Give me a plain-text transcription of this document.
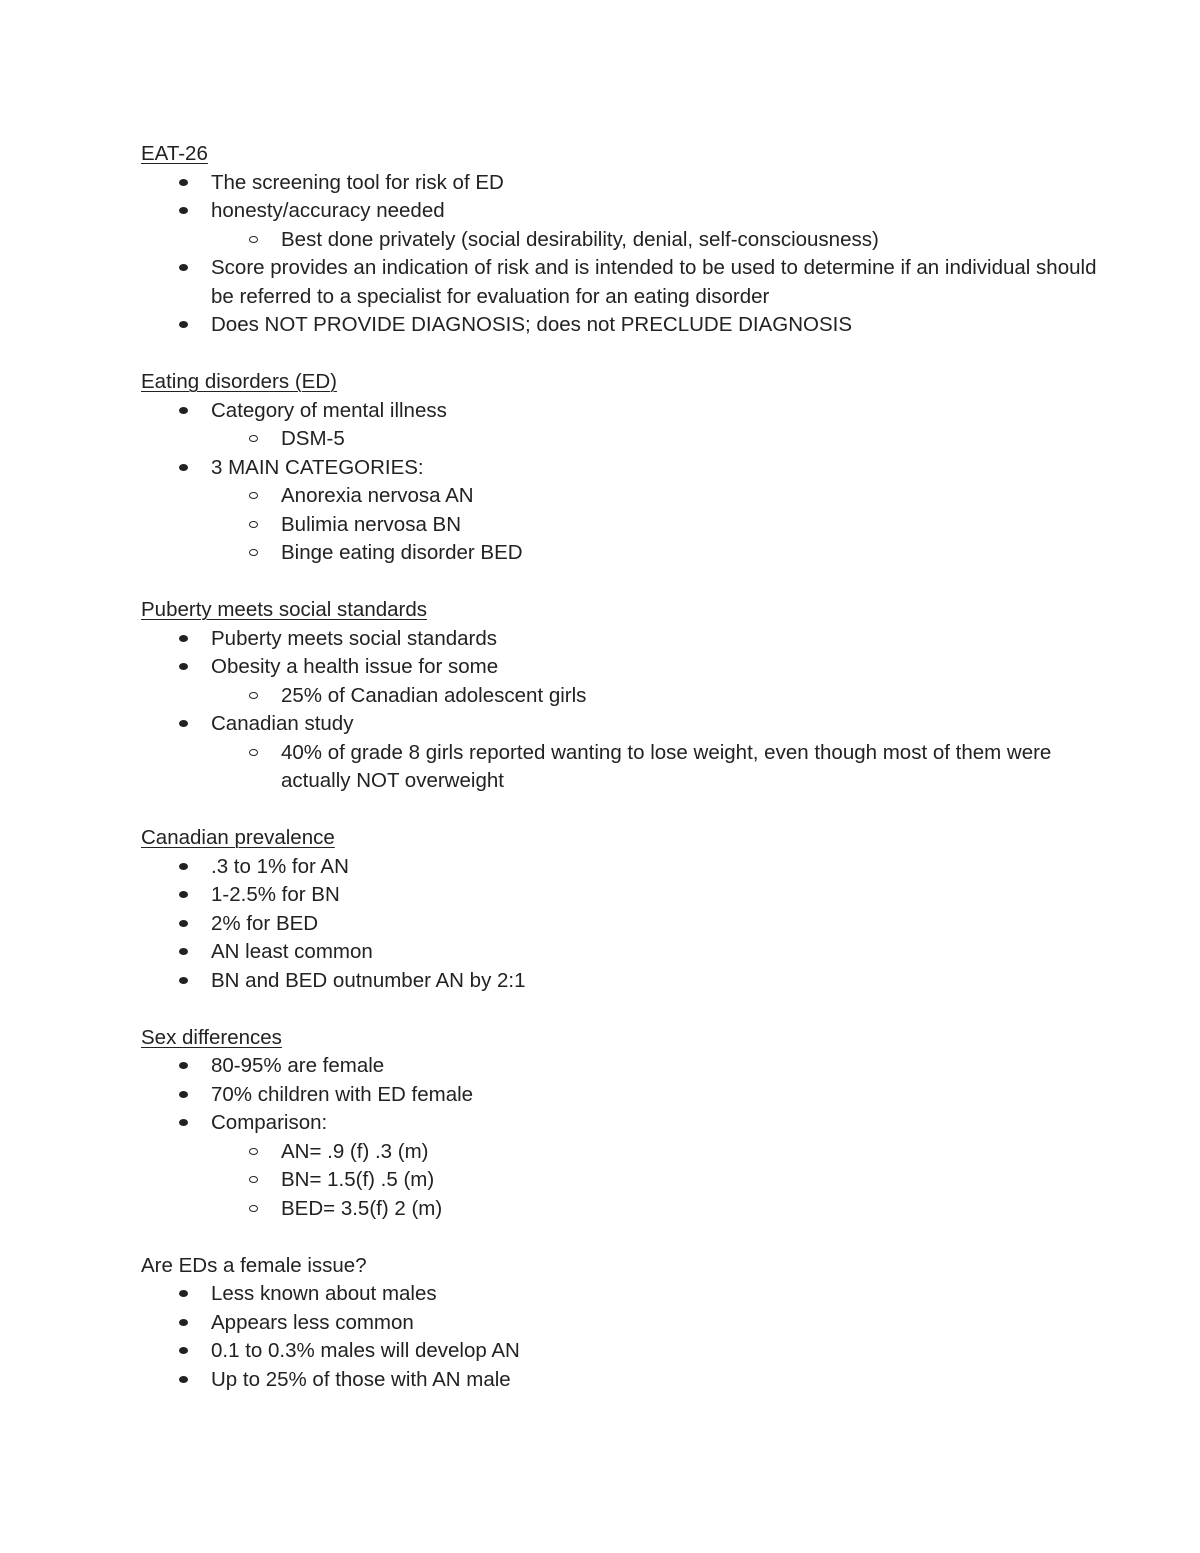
EAT-26
The screening tool for risk of ED
honesty/accuracy needed
Best done privately (social desirability, denial, self-consciousness)
Score provides an indication of risk and is intended to be used to determine if an individual should be referred to a specialist for evaluation for an eating disorder
Does NOT PROVIDE DIAGNOSIS; does not PRECLUDE DIAGNOSIS
Eating disorders (ED)
Category of mental illness
DSM-5
3 MAIN CATEGORIES:
Anorexia nervosa AN
Bulimia nervosa BN
Binge eating disorder BED
Puberty meets social standards
Puberty meets social standards
Obesity a health issue for some
25% of Canadian adolescent girls
Canadian study
40% of grade 8 girls reported wanting to lose weight, even though most of them were actually NOT overweight
Canadian prevalence
.3 to 1% for AN
1-2.5% for BN
2% for BED
AN least common
BN and BED outnumber AN by 2:1
Sex differences
80-95% are female
70% children with ED female
Comparison:
AN= .9 (f) .3 (m)
BN= 1.5(f) .5 (m)
BED= 3.5(f) 2 (m)
Are EDs a female issue?
Less known about males
Appears less common
0.1 to 0.3% males will develop AN
Up to 25% of those with AN male
